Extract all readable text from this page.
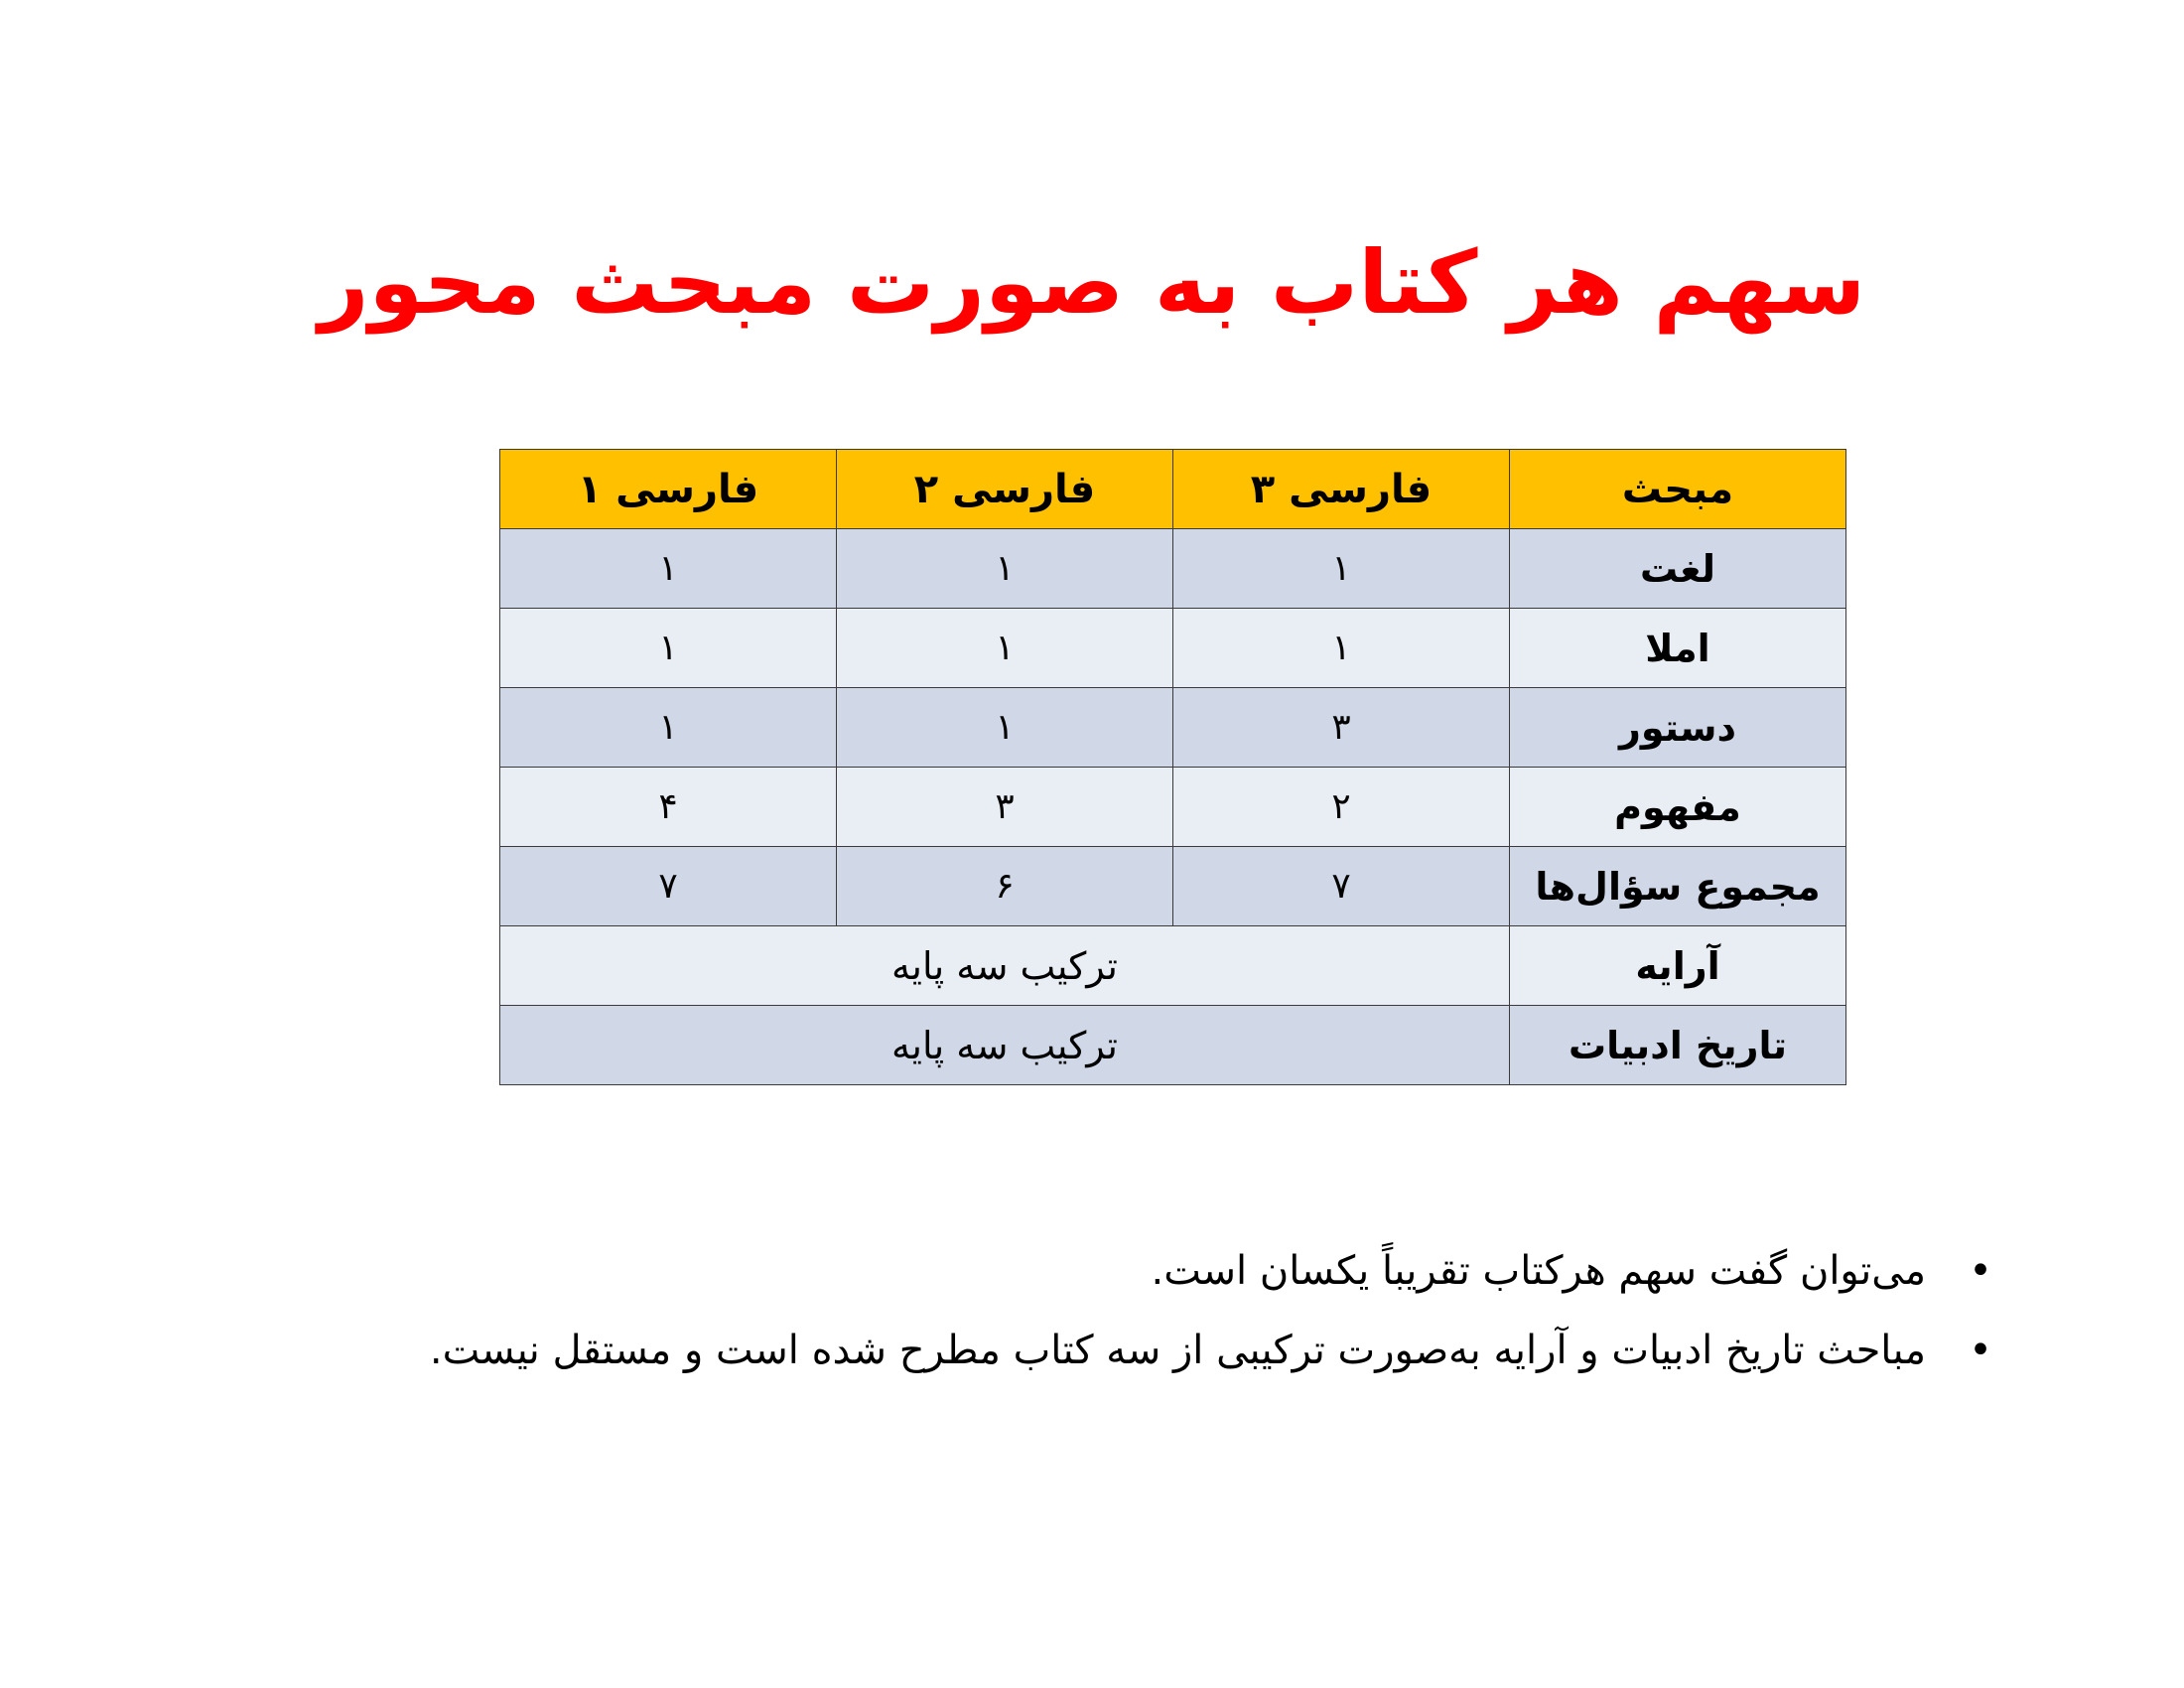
سهم هر کتاب به صورت مبحث محور
مبحث	فارسی ۳	فارسی ۲	فارسی ۱
لغت	۱	۱	۱
املا	۱	۱	۱
دستور	۳	۱	۱
مفهوم	۲	۳	۴
مجموع سؤال‌ها	۷	۶	۷
آرایه	ترکیب سه پایه		
تاریخ ادبیات	ترکیب سه پایه		
•
می‌توان گفت سهم هرکتاب تقریباً یکسان است.
•
مباحث تاریخ ادبیات و آرایه به‌صورت ترکیبی از سه کتاب مطرح شده است و مستقل نیست.
